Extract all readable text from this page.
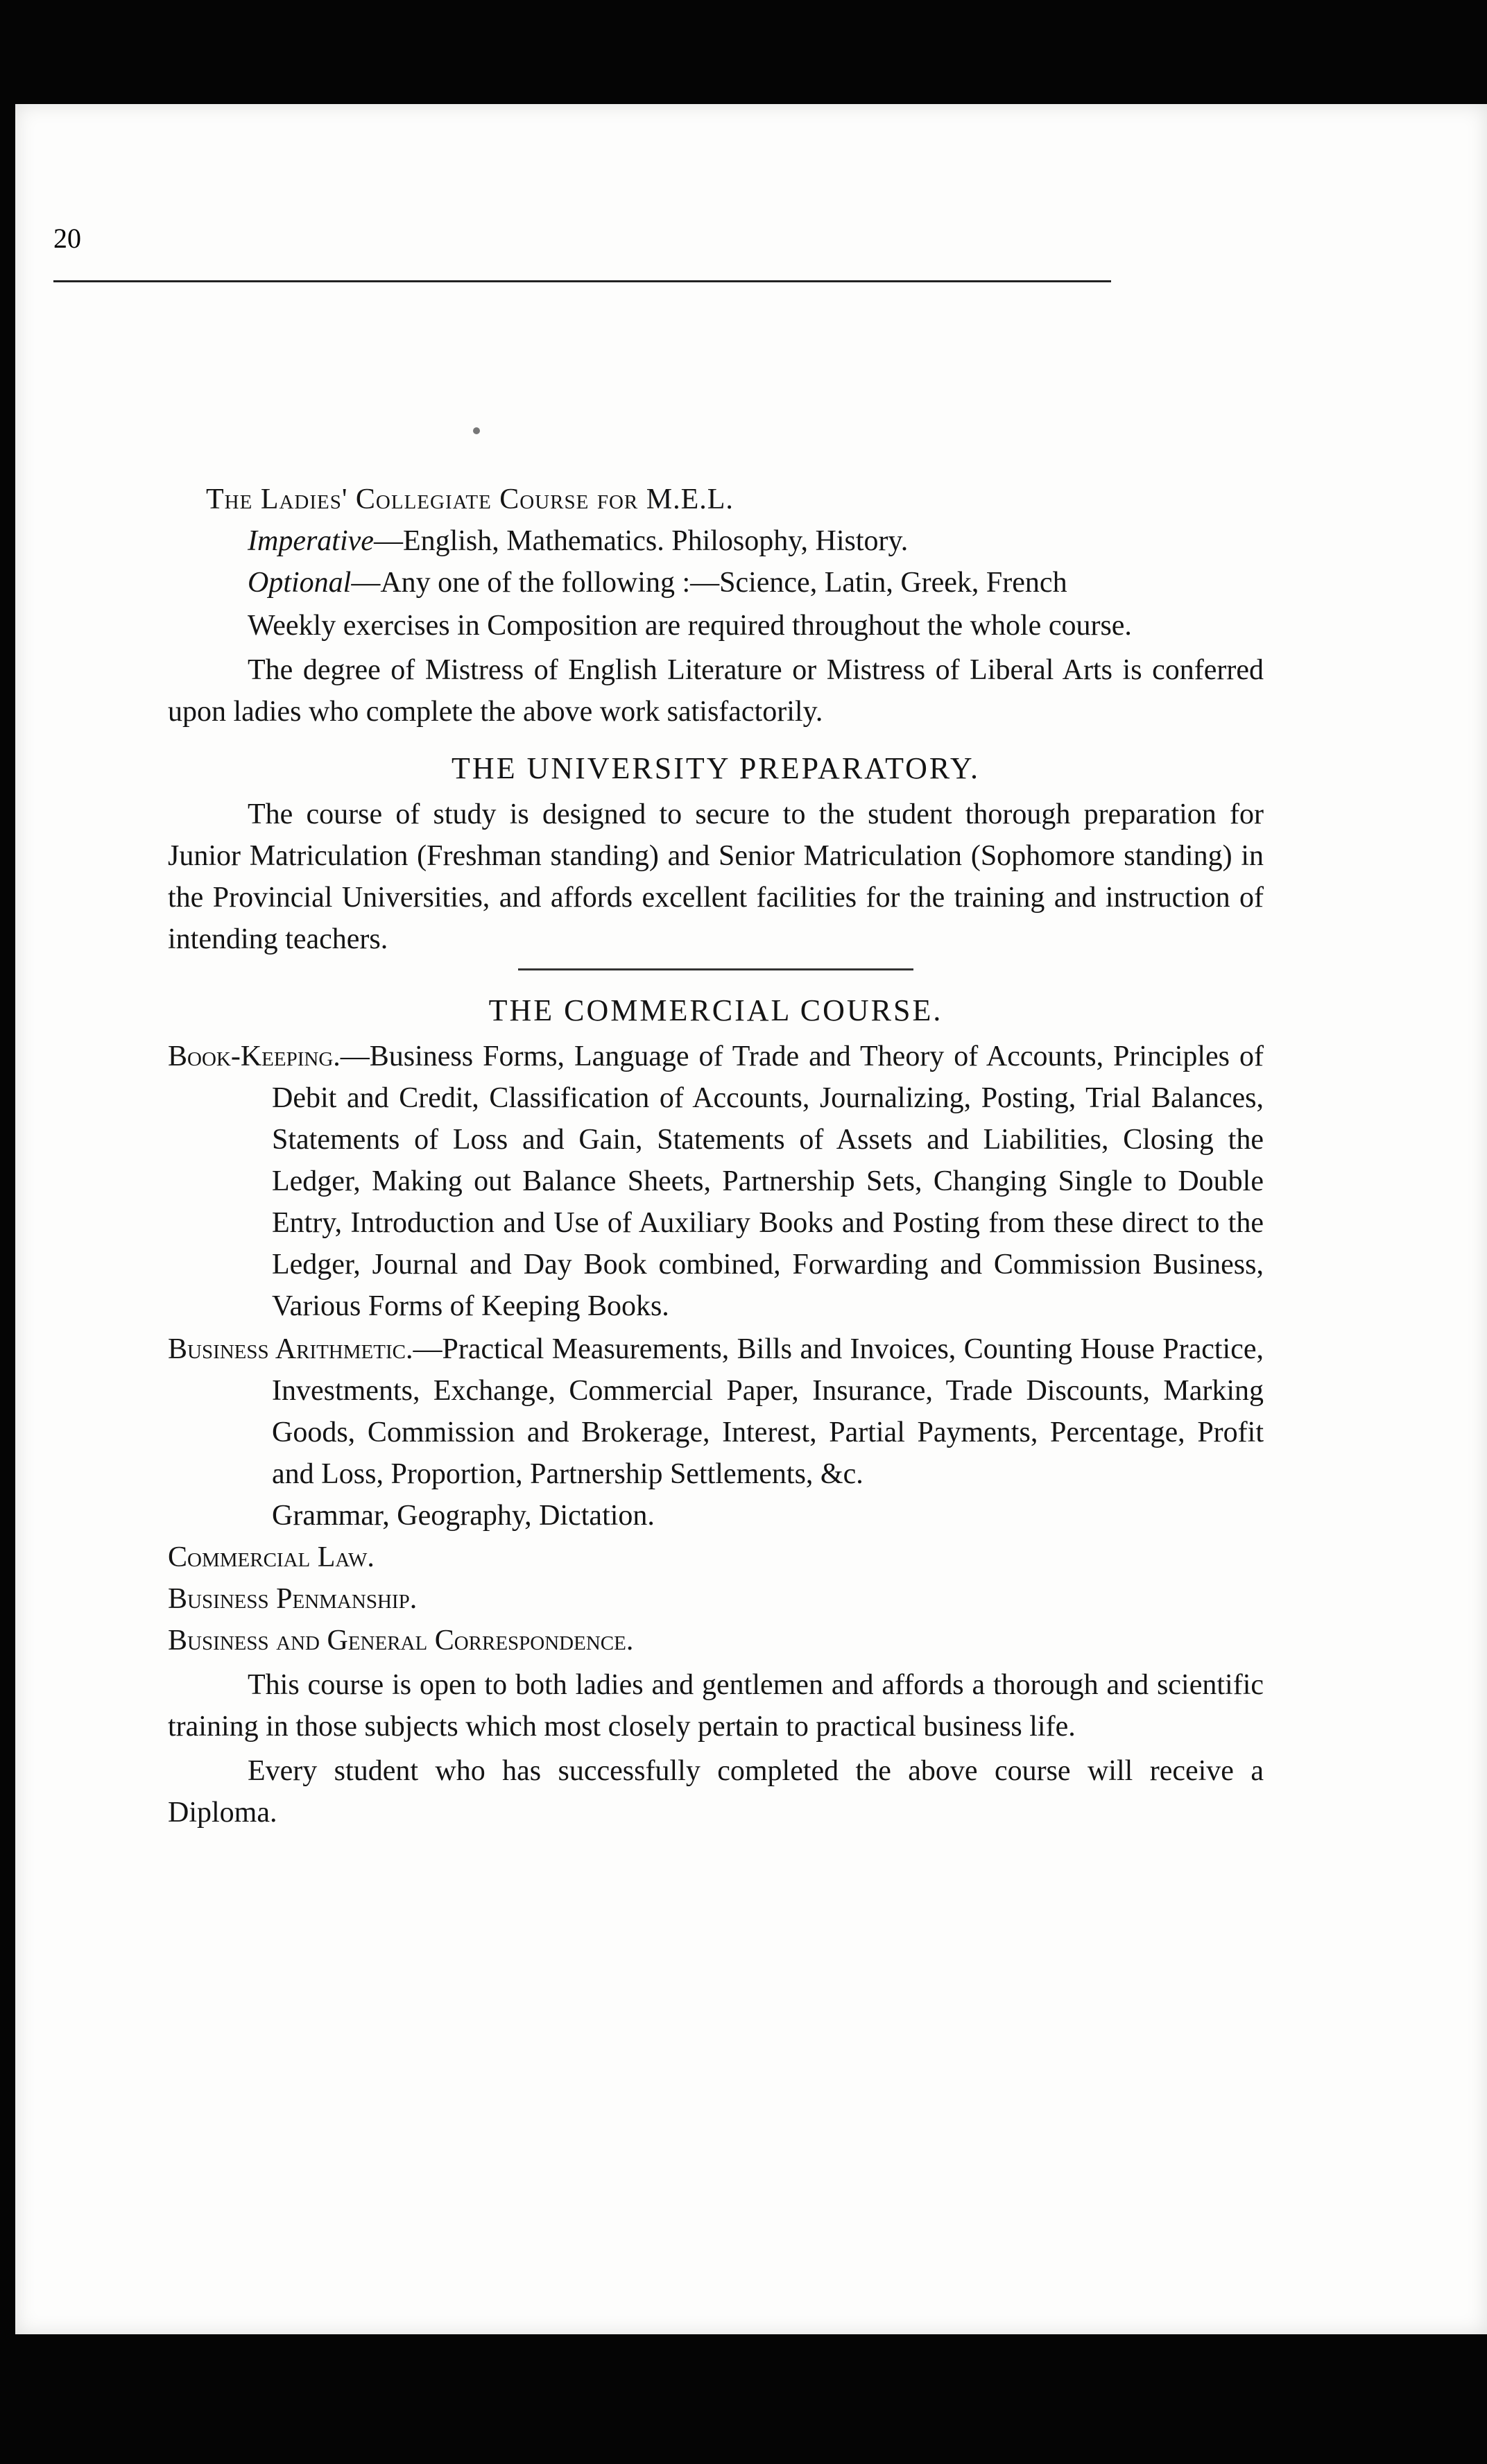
20

The Ladies' Collegiate Course for M.E.L.

Imperative—English, Mathematics. Philosophy, History.

Optional—Any one of the following :—Science, Latin, Greek, French

Weekly exercises in Composition are required throughout the whole course.

The degree of Mistress of English Literature or Mistress of Liberal Arts is conferred upon ladies who complete the above work satisfactorily.

THE UNIVERSITY PREPARATORY.

The course of study is designed to secure to the student thorough preparation for Junior Matriculation (Freshman standing) and Senior Matriculation (Sophomore standing) in the Provincial Universities, and affords excellent facilities for the training and instruction of intending teachers.

THE COMMERCIAL COURSE.

Book-Keeping.—Business Forms, Language of Trade and Theory of Accounts, Principles of Debit and Credit, Classification of Accounts, Journalizing, Posting, Trial Balances, Statements of Loss and Gain, Statements of Assets and Liabilities, Closing the Ledger, Making out Balance Sheets, Partnership Sets, Changing Single to Double Entry, Introduction and Use of Auxiliary Books and Posting from these direct to the Ledger, Journal and Day Book combined, Forwarding and Commission Business, Various Forms of Keeping Books.

Business Arithmetic.—Practical Measurements, Bills and Invoices, Counting House Practice, Investments, Exchange, Commercial Paper, Insurance, Trade Discounts, Marking Goods, Commission and Brokerage, Interest, Partial Payments, Percentage, Profit and Loss, Proportion, Partnership Settlements, &c.

Grammar, Geography, Dictation.

Commercial Law.

Business Penmanship.

Business and General Correspondence.

This course is open to both ladies and gentlemen and affords a thorough and scientific training in those subjects which most closely pertain to practical business life.

Every student who has successfully completed the above course will receive a Diploma.
